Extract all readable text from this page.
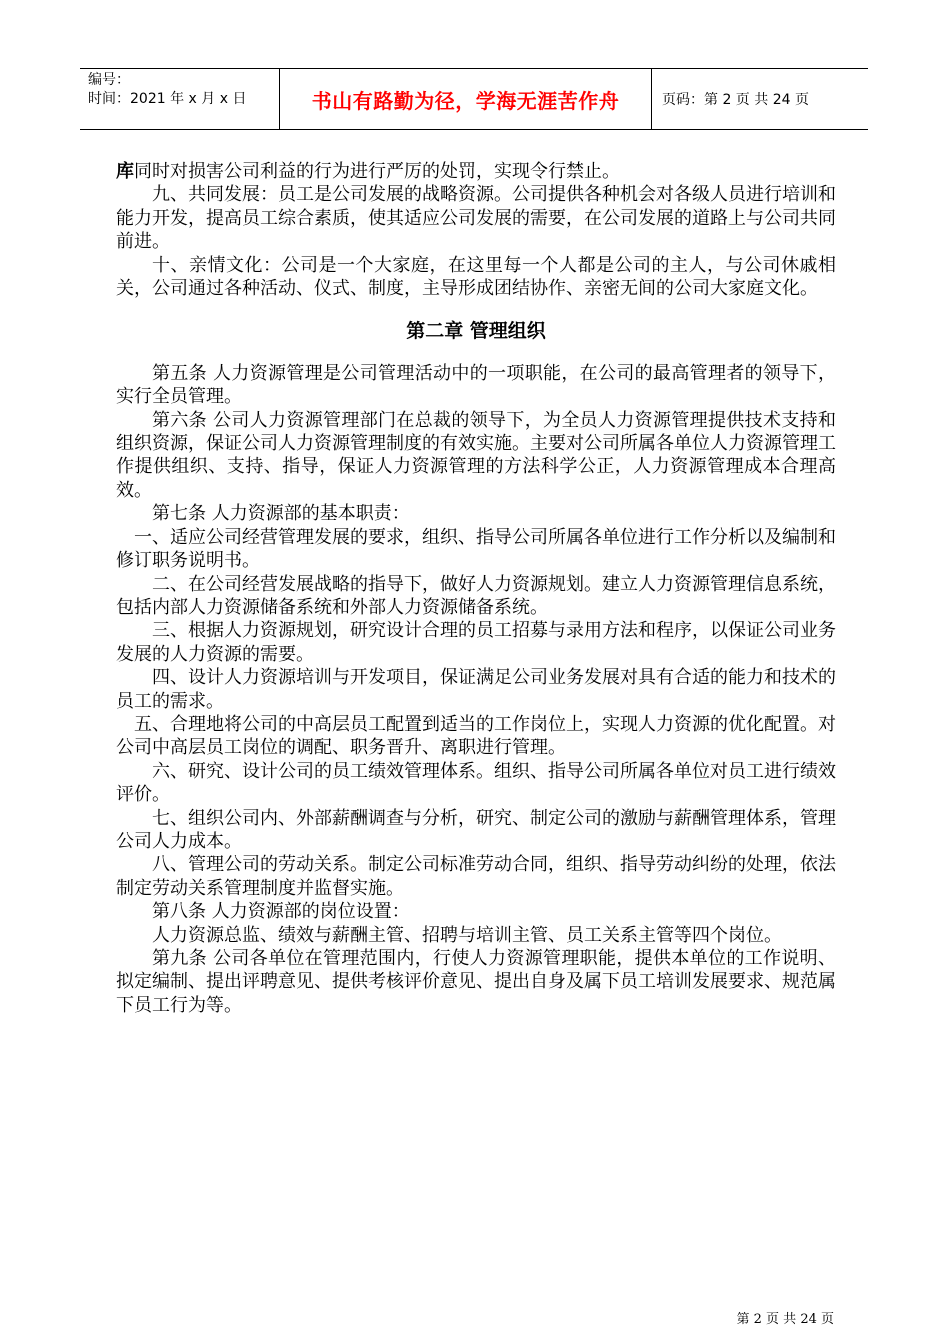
编号：
时间：2021 年 x 月 x 日	书山有路勤为径，学海无涯苦作舟	页码：第 2 页 共 24 页

库同时对损害公司利益的行为进行严厉的处罚，实现令行禁止。

九、共同发展：员工是公司发展的战略资源。公司提供各种机会对各级人员进行培训和能力开发，提高员工综合素质，使其适应公司发展的需要，在公司发展的道路上与公司共同前进。

十、亲情文化：公司是一个大家庭，在这里每一个人都是公司的主人，与公司休戚相关，公司通过各种活动、仪式、制度，主导形成团结协作、亲密无间的公司大家庭文化。

第二章 管理组织

第五条 人力资源管理是公司管理活动中的一项职能，在公司的最高管理者的领导下，实行全员管理。

第六条 公司人力资源管理部门在总裁的领导下，为全员人力资源管理提供技术支持和组织资源，保证公司人力资源管理制度的有效实施。主要对公司所属各单位人力资源管理工作提供组织、支持、指导，保证人力资源管理的方法科学公正，人力资源管理成本合理高效。

第七条 人力资源部的基本职责：

一、适应公司经营管理发展的要求，组织、指导公司所属各单位进行工作分析以及编制和修订职务说明书。

二、在公司经营发展战略的指导下，做好人力资源规划。建立人力资源管理信息系统，包括内部人力资源储备系统和外部人力资源储备系统。

三、根据人力资源规划，研究设计合理的员工招募与录用方法和程序，以保证公司业务发展的人力资源的需要。

四、设计人力资源培训与开发项目，保证满足公司业务发展对具有合适的能力和技术的员工的需求。

五、合理地将公司的中高层员工配置到适当的工作岗位上，实现人力资源的优化配置。对公司中高层员工岗位的调配、职务晋升、离职进行管理。

六、研究、设计公司的员工绩效管理体系。组织、指导公司所属各单位对员工进行绩效评价。

七、组织公司内、外部薪酬调查与分析，研究、制定公司的激励与薪酬管理体系，管理公司人力成本。

八、管理公司的劳动关系。制定公司标准劳动合同，组织、指导劳动纠纷的处理，依法制定劳动关系管理制度并监督实施。

第八条 人力资源部的岗位设置：

人力资源总监、绩效与薪酬主管、招聘与培训主管、员工关系主管等四个岗位。

第九条 公司各单位在管理范围内，行使人力资源管理职能，提供本单位的工作说明、拟定编制、提出评聘意见、提供考核评价意见、提出自身及属下员工培训发展要求、规范属下员工行为等。

第 2 页 共 24 页
